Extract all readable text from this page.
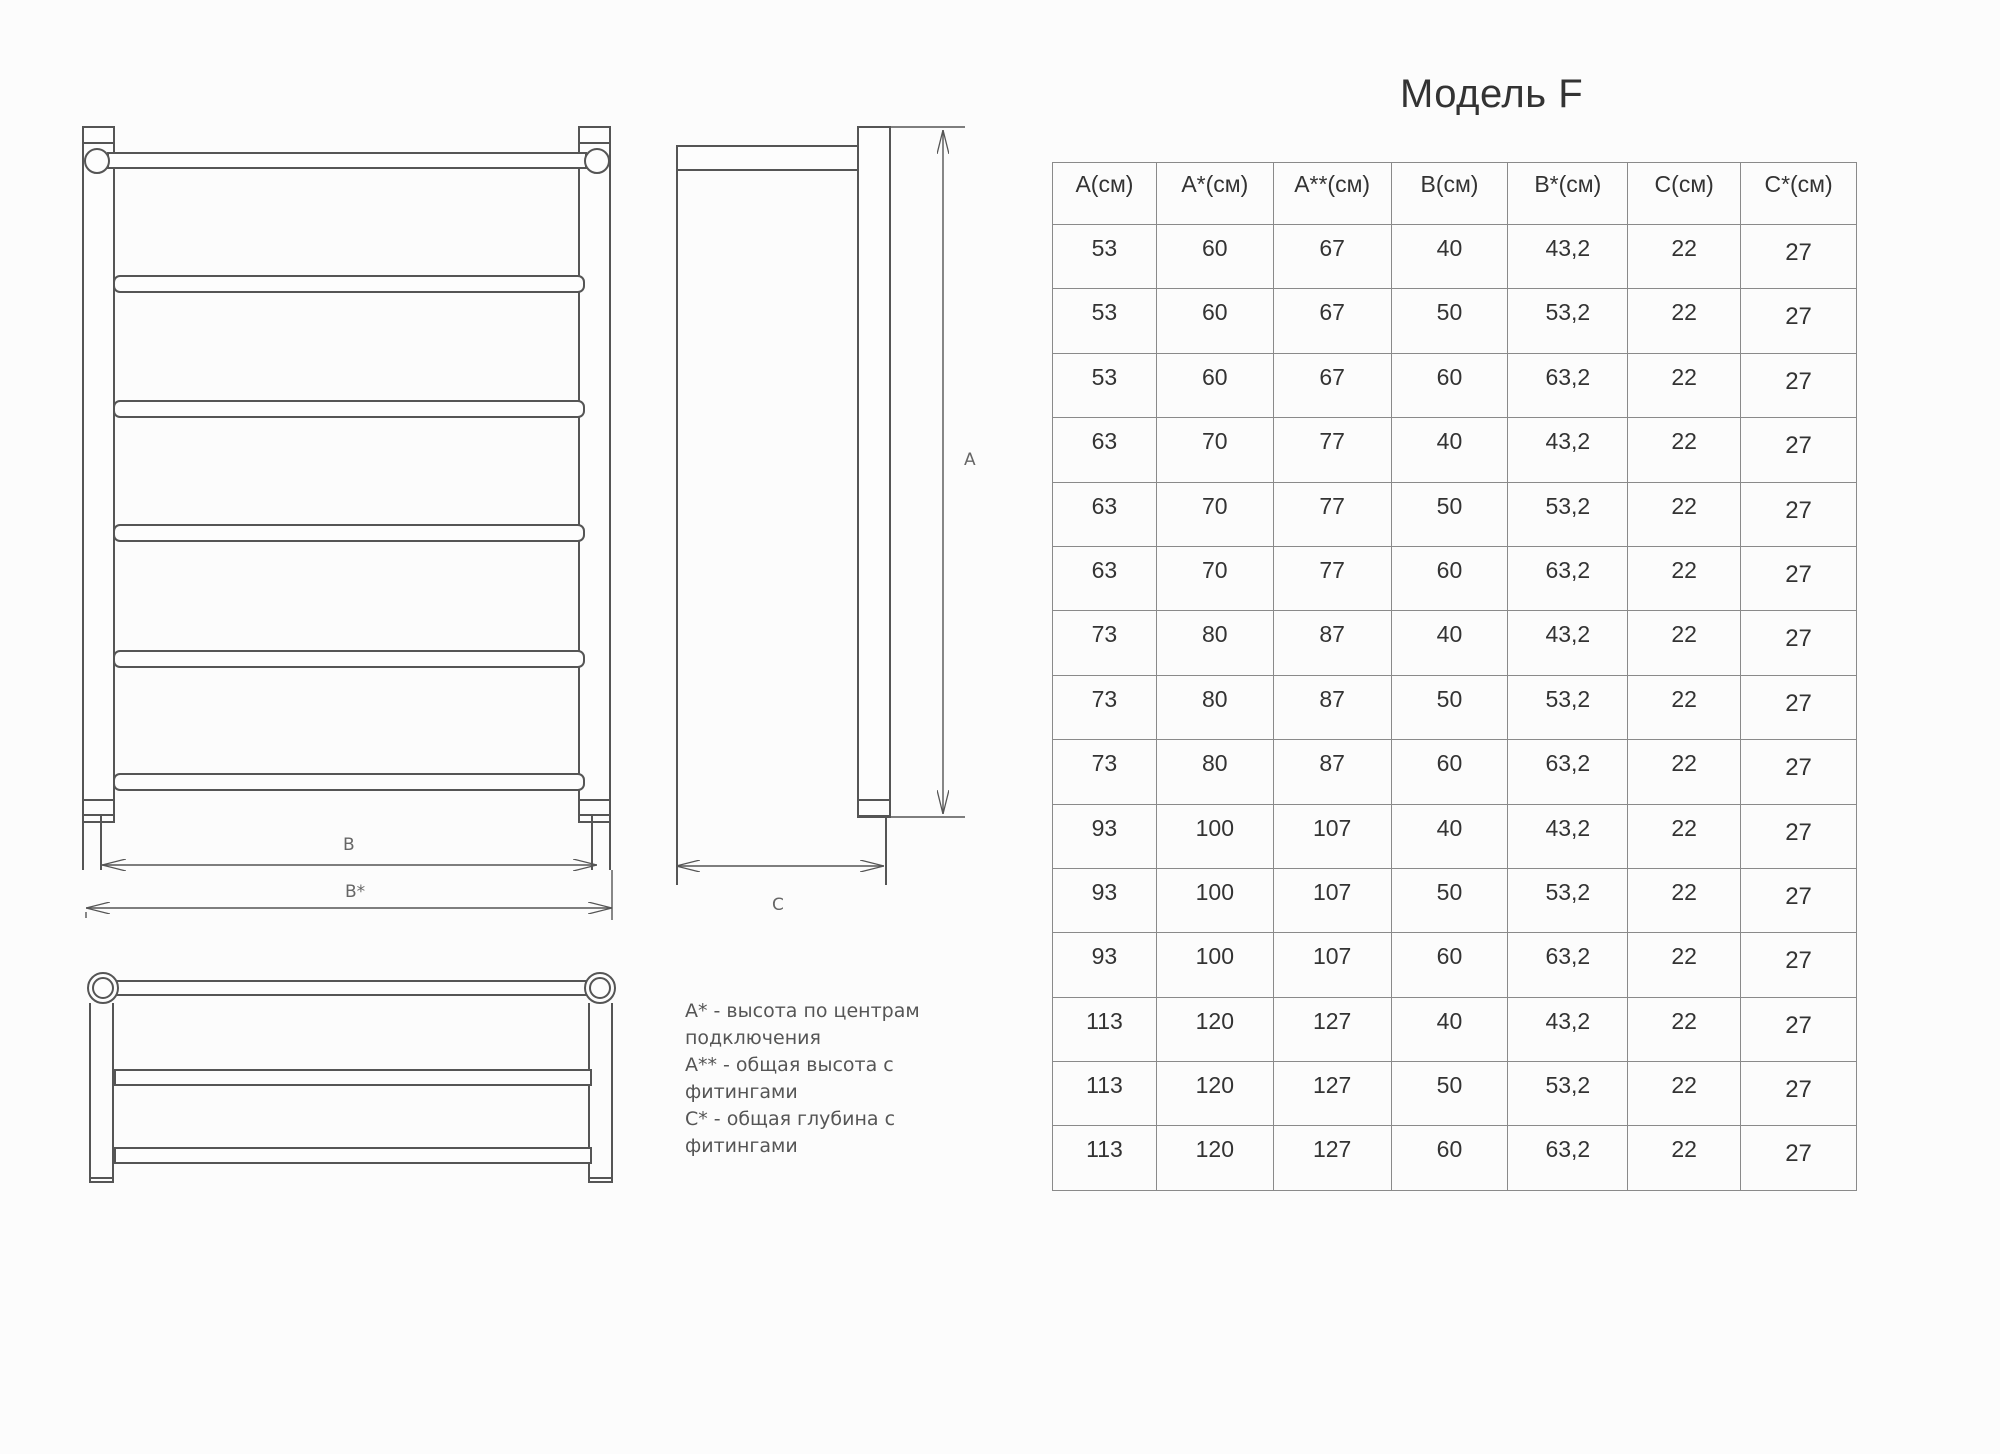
B
B*
A
C
Модель F
A* - высота по центрам
подключения
A** - общая высота с
фитингами
C* - общая глубина с
фитингами
A(см)	A*(см)	A**(см)	B(см)	B*(см)	C(см)	C*(см)
53	60	67	40	43,2	22	27
53	60	67	50	53,2	22	27
53	60	67	60	63,2	22	27
63	70	77	40	43,2	22	27
63	70	77	50	53,2	22	27
63	70	77	60	63,2	22	27
73	80	87	40	43,2	22	27
73	80	87	50	53,2	22	27
73	80	87	60	63,2	22	27
93	100	107	40	43,2	22	27
93	100	107	50	53,2	22	27
93	100	107	60	63,2	22	27
113	120	127	40	43,2	22	27
113	120	127	50	53,2	22	27
113	120	127	60	63,2	22	27
